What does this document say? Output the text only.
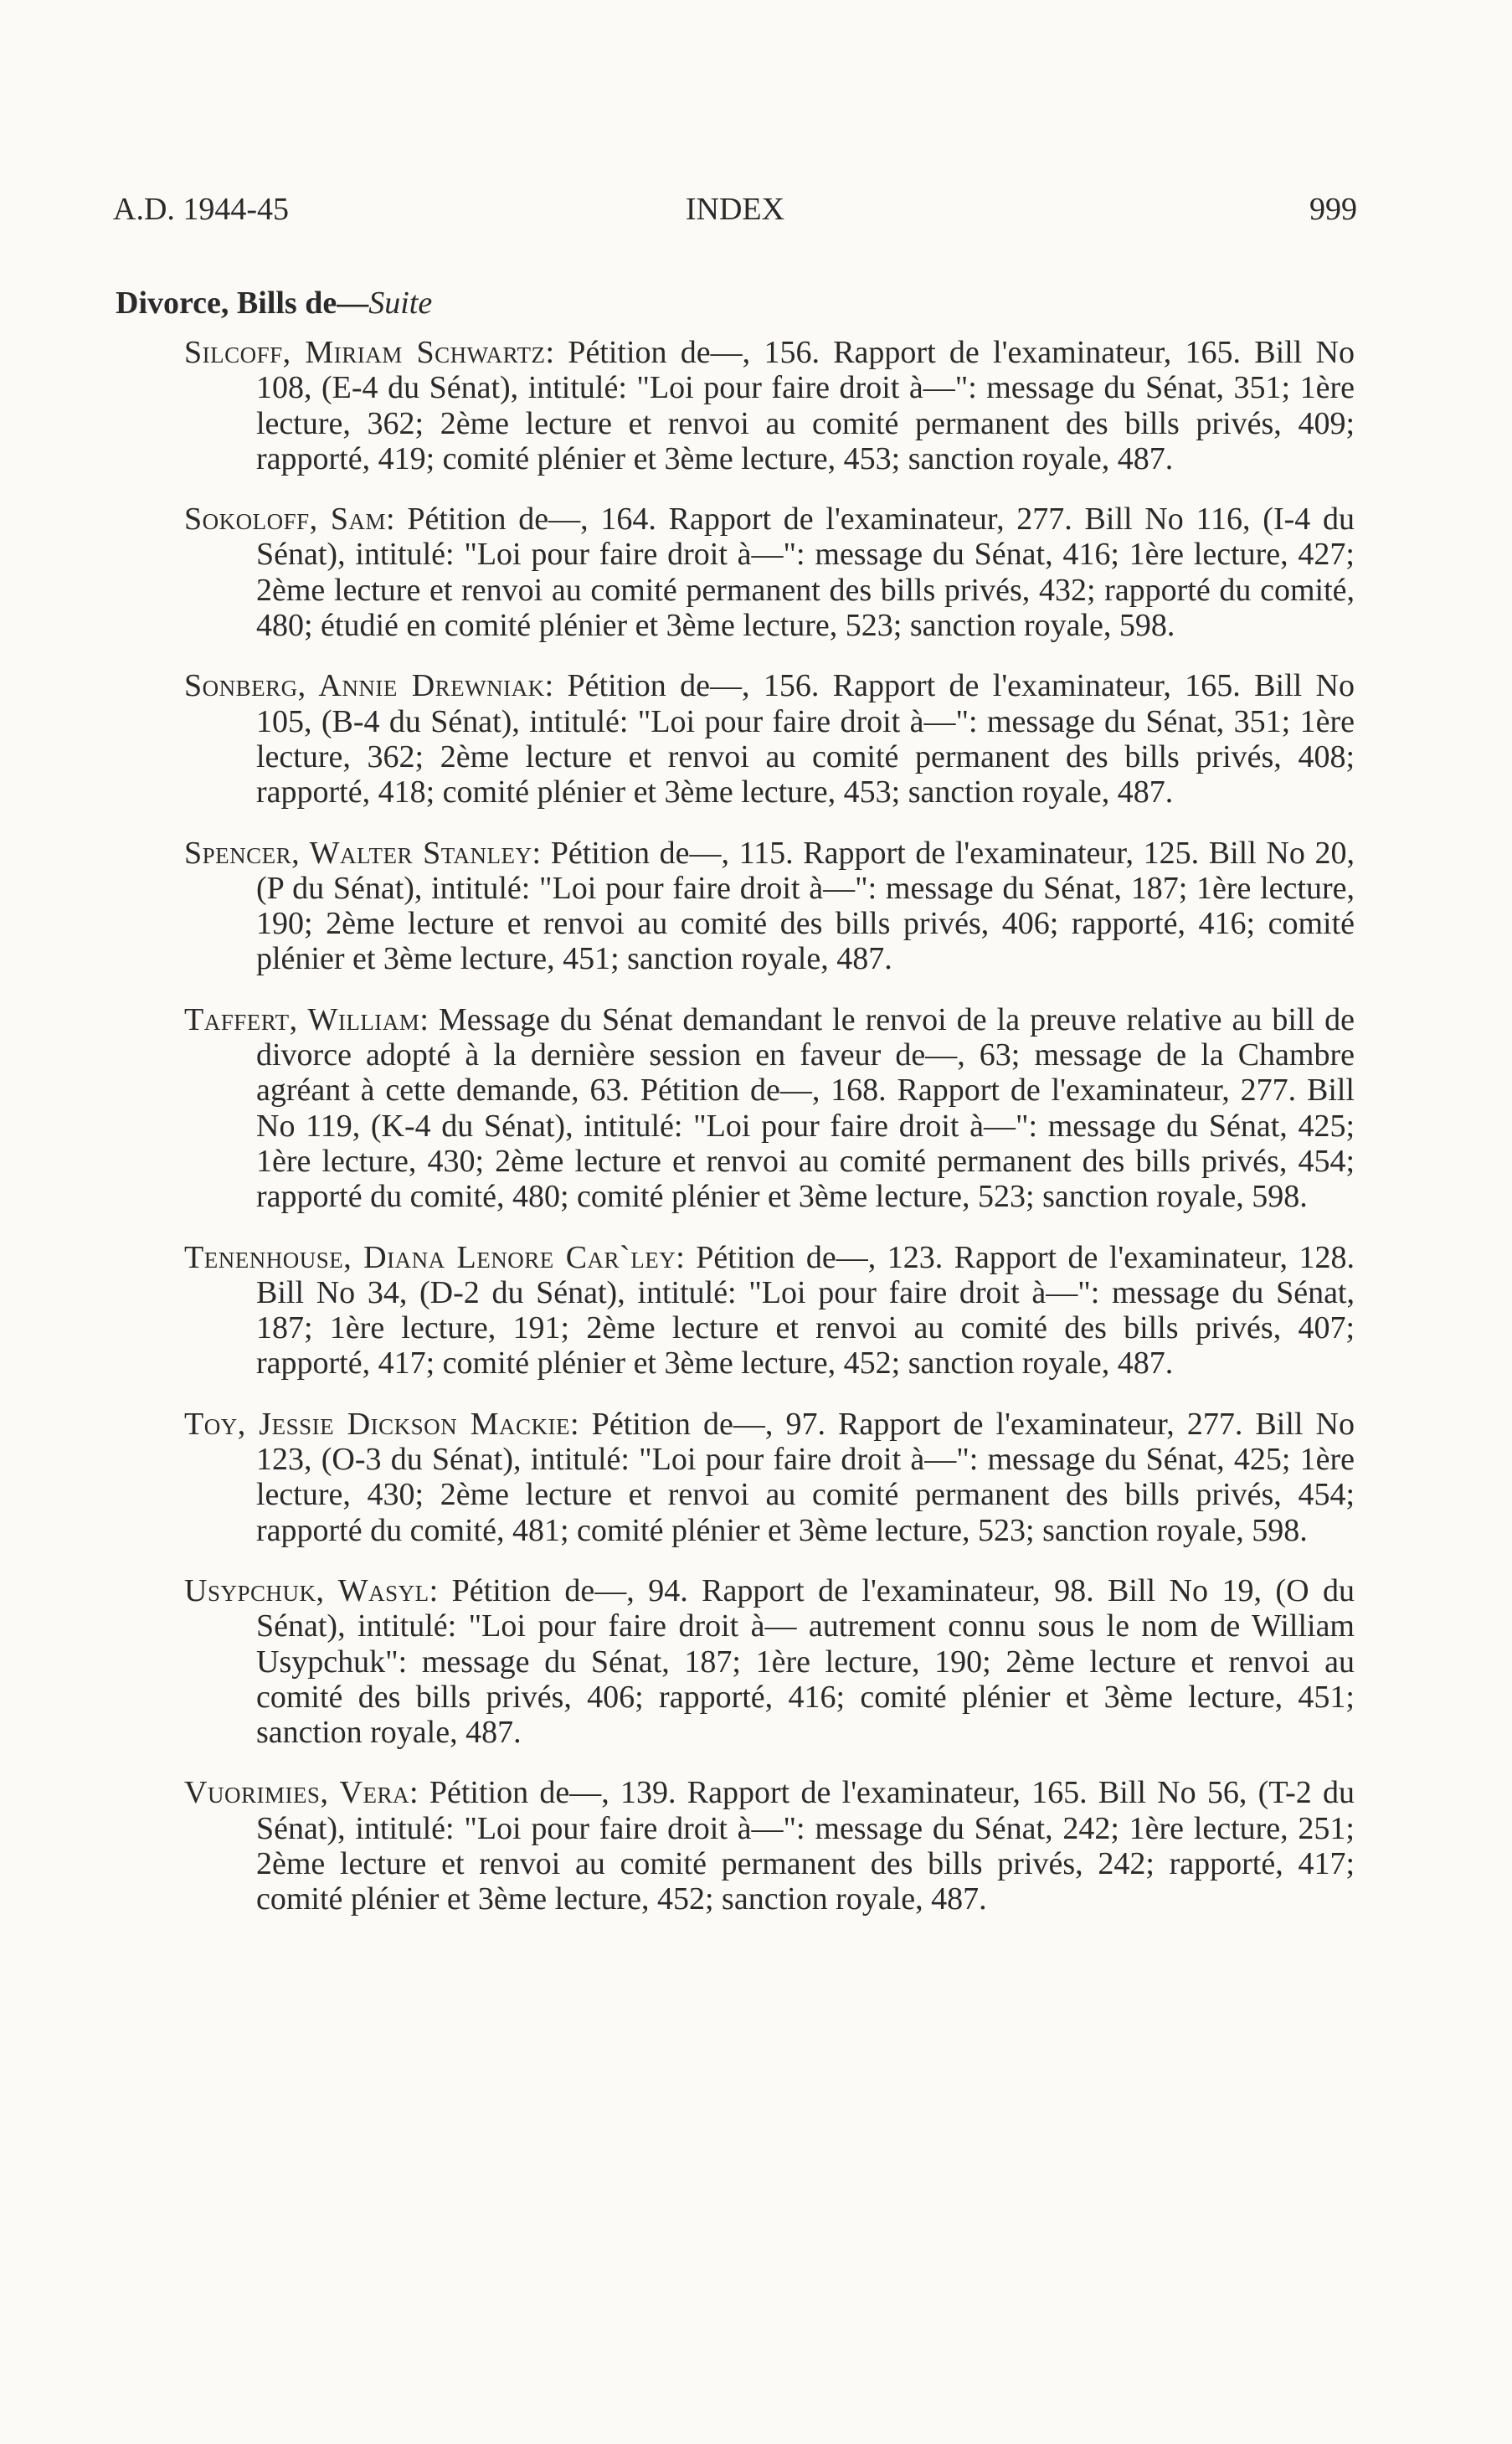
A.D. 1944-45	INDEX	999
Divorce, Bills de—Suite

Silcoff, Miriam Schwartz: Pétition de—, 156. Rapport de l'examinateur, 165. Bill No 108, (E-4 du Sénat), intitulé: "Loi pour faire droit à—": message du Sénat, 351; 1ère lecture, 362; 2ème lecture et renvoi au comité permanent des bills privés, 409; rapporté, 419; comité plénier et 3ème lecture, 453; sanction royale, 487.

Sokoloff, Sam: Pétition de—, 164. Rapport de l'examinateur, 277. Bill No 116, (I-4 du Sénat), intitulé: "Loi pour faire droit à—": message du Sénat, 416; 1ère lecture, 427; 2ème lecture et renvoi au comité permanent des bills privés, 432; rapporté du comité, 480; étudié en comité plénier et 3ème lecture, 523; sanction royale, 598.

Sonberg, Annie Drewniak: Pétition de—, 156. Rapport de l'examinateur, 165. Bill No 105, (B-4 du Sénat), intitulé: "Loi pour faire droit à—": message du Sénat, 351; 1ère lecture, 362; 2ème lecture et renvoi au comité permanent des bills privés, 408; rapporté, 418; comité plénier et 3ème lecture, 453; sanction royale, 487.

Spencer, Walter Stanley: Pétition de—, 115. Rapport de l'examinateur, 125. Bill No 20, (P du Sénat), intitulé: "Loi pour faire droit à—": message du Sénat, 187; 1ère lecture, 190; 2ème lecture et renvoi au comité des bills privés, 406; rapporté, 416; comité plénier et 3ème lecture, 451; sanction royale, 487.

Taffert, William: Message du Sénat demandant le renvoi de la preuve relative au bill de divorce adopté à la dernière session en faveur de—, 63; message de la Chambre agréant à cette demande, 63. Pétition de—, 168. Rapport de l'examinateur, 277. Bill No 119, (K-4 du Sénat), intitulé: "Loi pour faire droit à—": message du Sénat, 425; 1ère lecture, 430; 2ème lecture et renvoi au comité permanent des bills privés, 454; rapporté du comité, 480; comité plénier et 3ème lecture, 523; sanction royale, 598.

Tenenhouse, Diana Lenore Car`ley: Pétition de—, 123. Rapport de l'examinateur, 128. Bill No 34, (D-2 du Sénat), intitulé: "Loi pour faire droit à—": message du Sénat, 187; 1ère lecture, 191; 2ème lecture et renvoi au comité des bills privés, 407; rapporté, 417; comité plénier et 3ème lecture, 452; sanction royale, 487.

Toy, Jessie Dickson Mackie: Pétition de—, 97. Rapport de l'examinateur, 277. Bill No 123, (O-3 du Sénat), intitulé: "Loi pour faire droit à—": message du Sénat, 425; 1ère lecture, 430; 2ème lecture et renvoi au comité permanent des bills privés, 454; rapporté du comité, 481; comité plénier et 3ème lecture, 523; sanction royale, 598.

Usypchuk, Wasyl: Pétition de—, 94. Rapport de l'examinateur, 98. Bill No 19, (O du Sénat), intitulé: "Loi pour faire droit à— autrement connu sous le nom de William Usypchuk": message du Sénat, 187; 1ère lecture, 190; 2ème lecture et renvoi au comité des bills privés, 406; rapporté, 416; comité plénier et 3ème lecture, 451; sanction royale, 487.

Vuorimies, Vera: Pétition de—, 139. Rapport de l'examinateur, 165. Bill No 56, (T-2 du Sénat), intitulé: "Loi pour faire droit à—": message du Sénat, 242; 1ère lecture, 251; 2ème lecture et renvoi au comité permanent des bills privés, 242; rapporté, 417; comité plénier et 3ème lecture, 452; sanction royale, 487.
